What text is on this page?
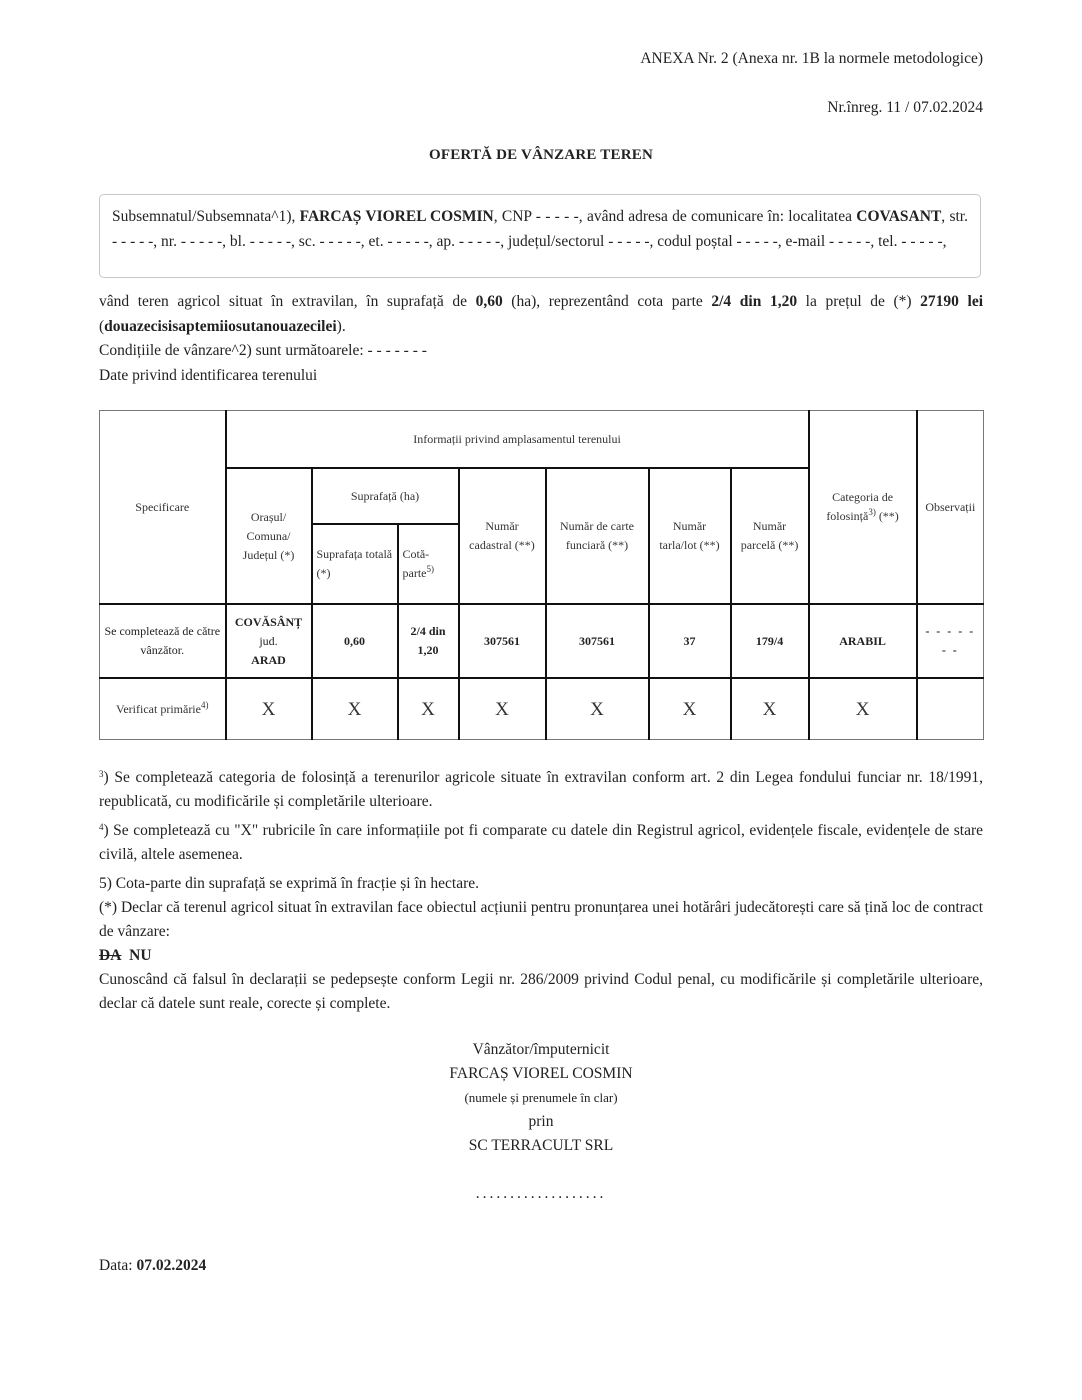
ANEXA Nr. 2 (Anexa nr. 1B la normele metodologice)
Nr.înreg. 11 / 07.02.2024
OFERTĂ DE VÂNZARE TEREN
Subsemnatul/Subsemnata^1), FARCAȘ VIOREL COSMIN, CNP - - - - -, având adresa de comunicare în: localitatea COVASANT, str. - - - - -, nr. - - - - -, bl. - - - - -, sc. - - - - -, et. - - - - -, ap. - - - - -, județul/sectorul - - - - -, codul poștal - - - - -, e-mail - - - - -, tel. - - - - -,
vând teren agricol situat în extravilan, în suprafață de 0,60 (ha), reprezentând cota parte 2/4 din 1,20 la prețul de (*) 27190 lei (douazecisisaptemiiosutanouazecilei).
Condițiile de vânzare^2) sunt următoarele: - - - - - - -
Date privind identificarea terenului
Specificare	Informații privind amplasamentul terenului							Categoria de folosință$^{3)}$ (**)	Observații
	Orașul/ Comuna/ Județul (*)	Suprafață (ha)		Număr cadastral (**)	Număr de carte funciară (**)	Număr tarla/lot (**)	Număr parcelă (**)		
		Suprafața totală (*)	Cotă-parte$^{5)}$
Se completează de către vânzător.	COVĂSÂNȚ
jud.
ARAD	0,60	2/4 din 1,20	307561	307561	37	179/4	ARABIL	- - - - - - -
Verificat primărie$^{4)}$	X	X	X	X	X	X	X	X	

$^3$) Se completează categoria de folosință a terenurilor agricole situate în extravilan conform art. 2 din Legea fondului funciar nr. 18/1991, republicată, cu modificările și completările ulterioare.

$^4$) Se completează cu "X" rubricile în care informațiile pot fi comparate cu datele din Registrul agricol, evidențele fiscale, evidențele de stare civilă, altele asemenea.

5) Cota-parte din suprafață se exprimă în fracție și în hectare.

(*) Declar că terenul agricol situat în extravilan face obiectul acțiunii pentru pronunțarea unei hotărâri judecătorești care să țină loc de contract de vânzare:

DA NU

Cunoscând că falsul în declarații se pedepsește conform Legii nr. 286/2009 privind Codul penal, cu modificările și completările ulterioare, declar că datele sunt reale, corecte și complete.

Vânzător/împuternicit
FARCAȘ VIOREL COSMIN
(numele și prenumele în clar)
prin
SC TERRACULT SRL
...................
Data: 07.02.2024
